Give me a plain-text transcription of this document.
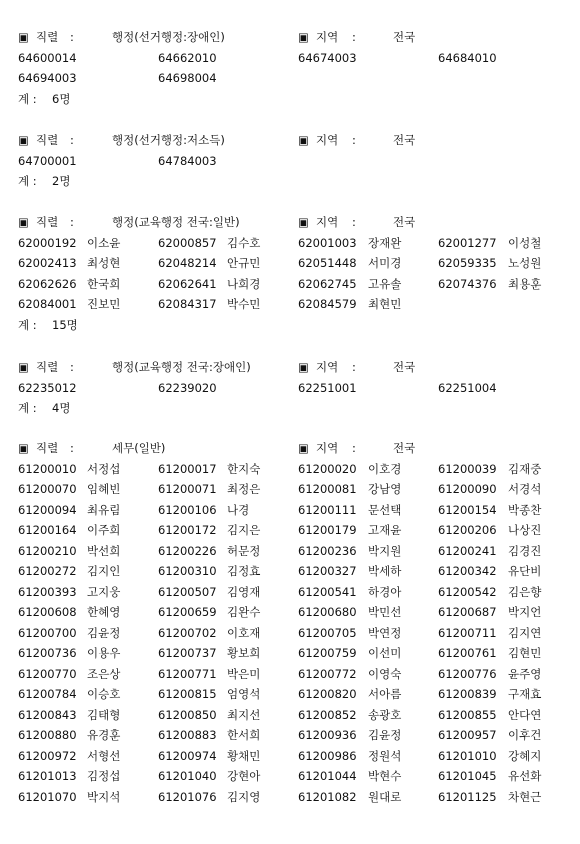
▣ 직렬 :	행정(선거행정:장애인)	▣ 지역 :	전국
64600014	64662010	64674003	64684010
64694003	64698004
계 : 6명
▣ 직렬 :	행정(선거행정:저소득)	▣ 지역 :	전국
64700001	64784003
계 : 2명
▣ 직렬 :	행정(교육행정 전국:일반)	▣ 지역 :	전국
62000192 이소윤	62000857 김수호	62001003 장재완	62001277 이성철
62002413 최성현	62048214 안규민	62051448 서미경	62059335 노성원
62062626 한국희	62062641 나희경	62062745 고유솔	62074376 최용훈
62084001 진보민	62084317 박수민	62084579 최현민
계 : 15명
▣ 직렬 :	행정(교육행정 전국:장애인)	▣ 지역 :	전국
62235012	62239020	62251001	62251004
계 : 4명
▣ 직렬 :	세무(일반)	▣ 지역 :	전국
61200010 서정섭	61200017 한지숙	61200020 이호경	61200039 김재중
61200070 임혜빈	61200071 최정은	61200081 강남영	61200090 서경석
61200094 최유림	61200106 나경	61200111 문선택	61200154 박종찬
61200164 이주희	61200172 김지은	61200179 고재윤	61200206 나상진
61200210 박선희	61200226 허문정	61200236 박지원	61200241 김경진
61200272 김지인	61200310 김정효	61200327 박세하	61200342 유단비
61200393 고지웅	61200507 김영재	61200541 하경아	61200542 김은향
61200608 한혜영	61200659 김완수	61200680 박민선	61200687 박지언
61200700 김윤정	61200702 이호재	61200705 박연정	61200711 김지연
61200736 이용우	61200737 황보희	61200759 이선미	61200761 김현민
61200770 조은상	61200771 박은미	61200772 이영숙	61200776 윤주영
61200784 이승호	61200815 엄영석	61200820 서아름	61200839 구재효
61200843 김태형	61200850 최지선	61200852 송광호	61200855 안다연
61200880 유경훈	61200883 한서희	61200936 김윤정	61200957 이후건
61200972 서형선	61200974 황채민	61200986 정원석	61201010 강혜지
61201013 김정섭	61201040 강현아	61201044 박현수	61201045 유선화
61201070 박지석	61201076 김지영	61201082 원대로	61201125 차현근
